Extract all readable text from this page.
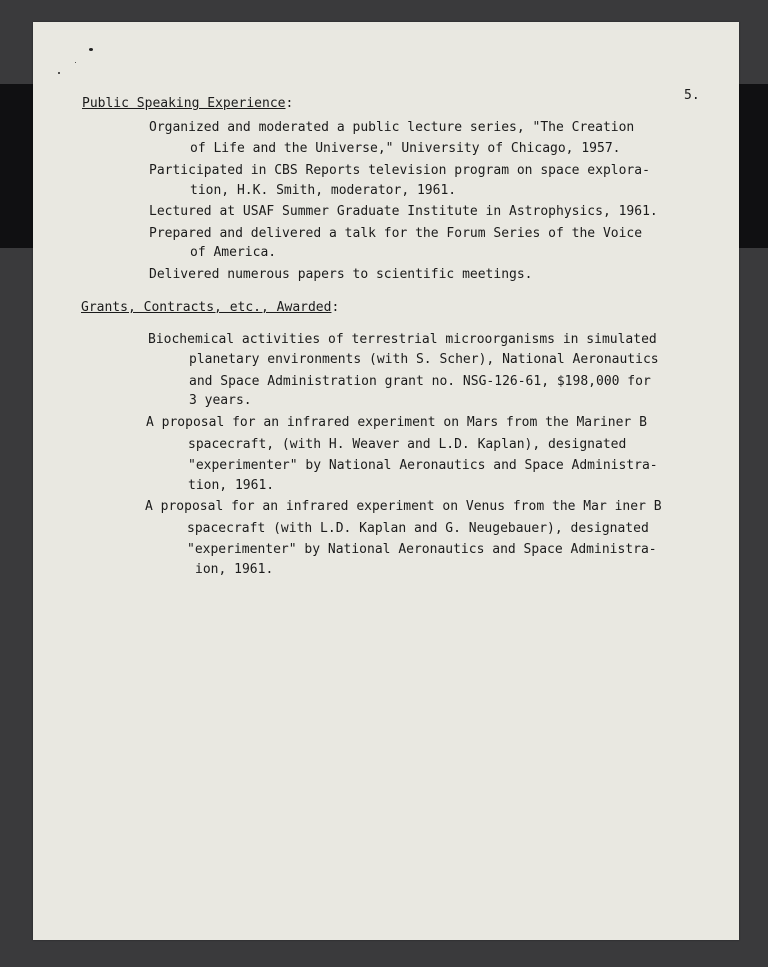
5.
Public Speaking Experience:
Organized and moderated a public lecture series, "The Creation
of Life and the Universe," University of Chicago, 1957.
Participated in CBS Reports television program on space explora-
tion, H.K. Smith, moderator, 1961.
Lectured at USAF Summer Graduate Institute in Astrophysics, 1961.
Prepared and delivered a talk for the Forum Series of the Voice
of America.
Delivered numerous papers to scientific meetings.
Grants, Contracts, etc., Awarded:
Biochemical activities of terrestrial microorganisms in simulated
planetary environments (with S. Scher), National Aeronautics
and Space Administration grant no. NSG-126-61, $198,000 for
3 years.
A proposal for an infrared experiment on Mars from the Mariner B
spacecraft, (with H. Weaver and L.D. Kaplan), designated
"experimenter" by National Aeronautics and Space Administra-
tion, 1961.
A proposal for an infrared experiment on Venus from the Mar iner B
spacecraft (with L.D. Kaplan and G. Neugebauer), designated
"experimenter" by National Aeronautics and Space Administra-
ion, 1961.
